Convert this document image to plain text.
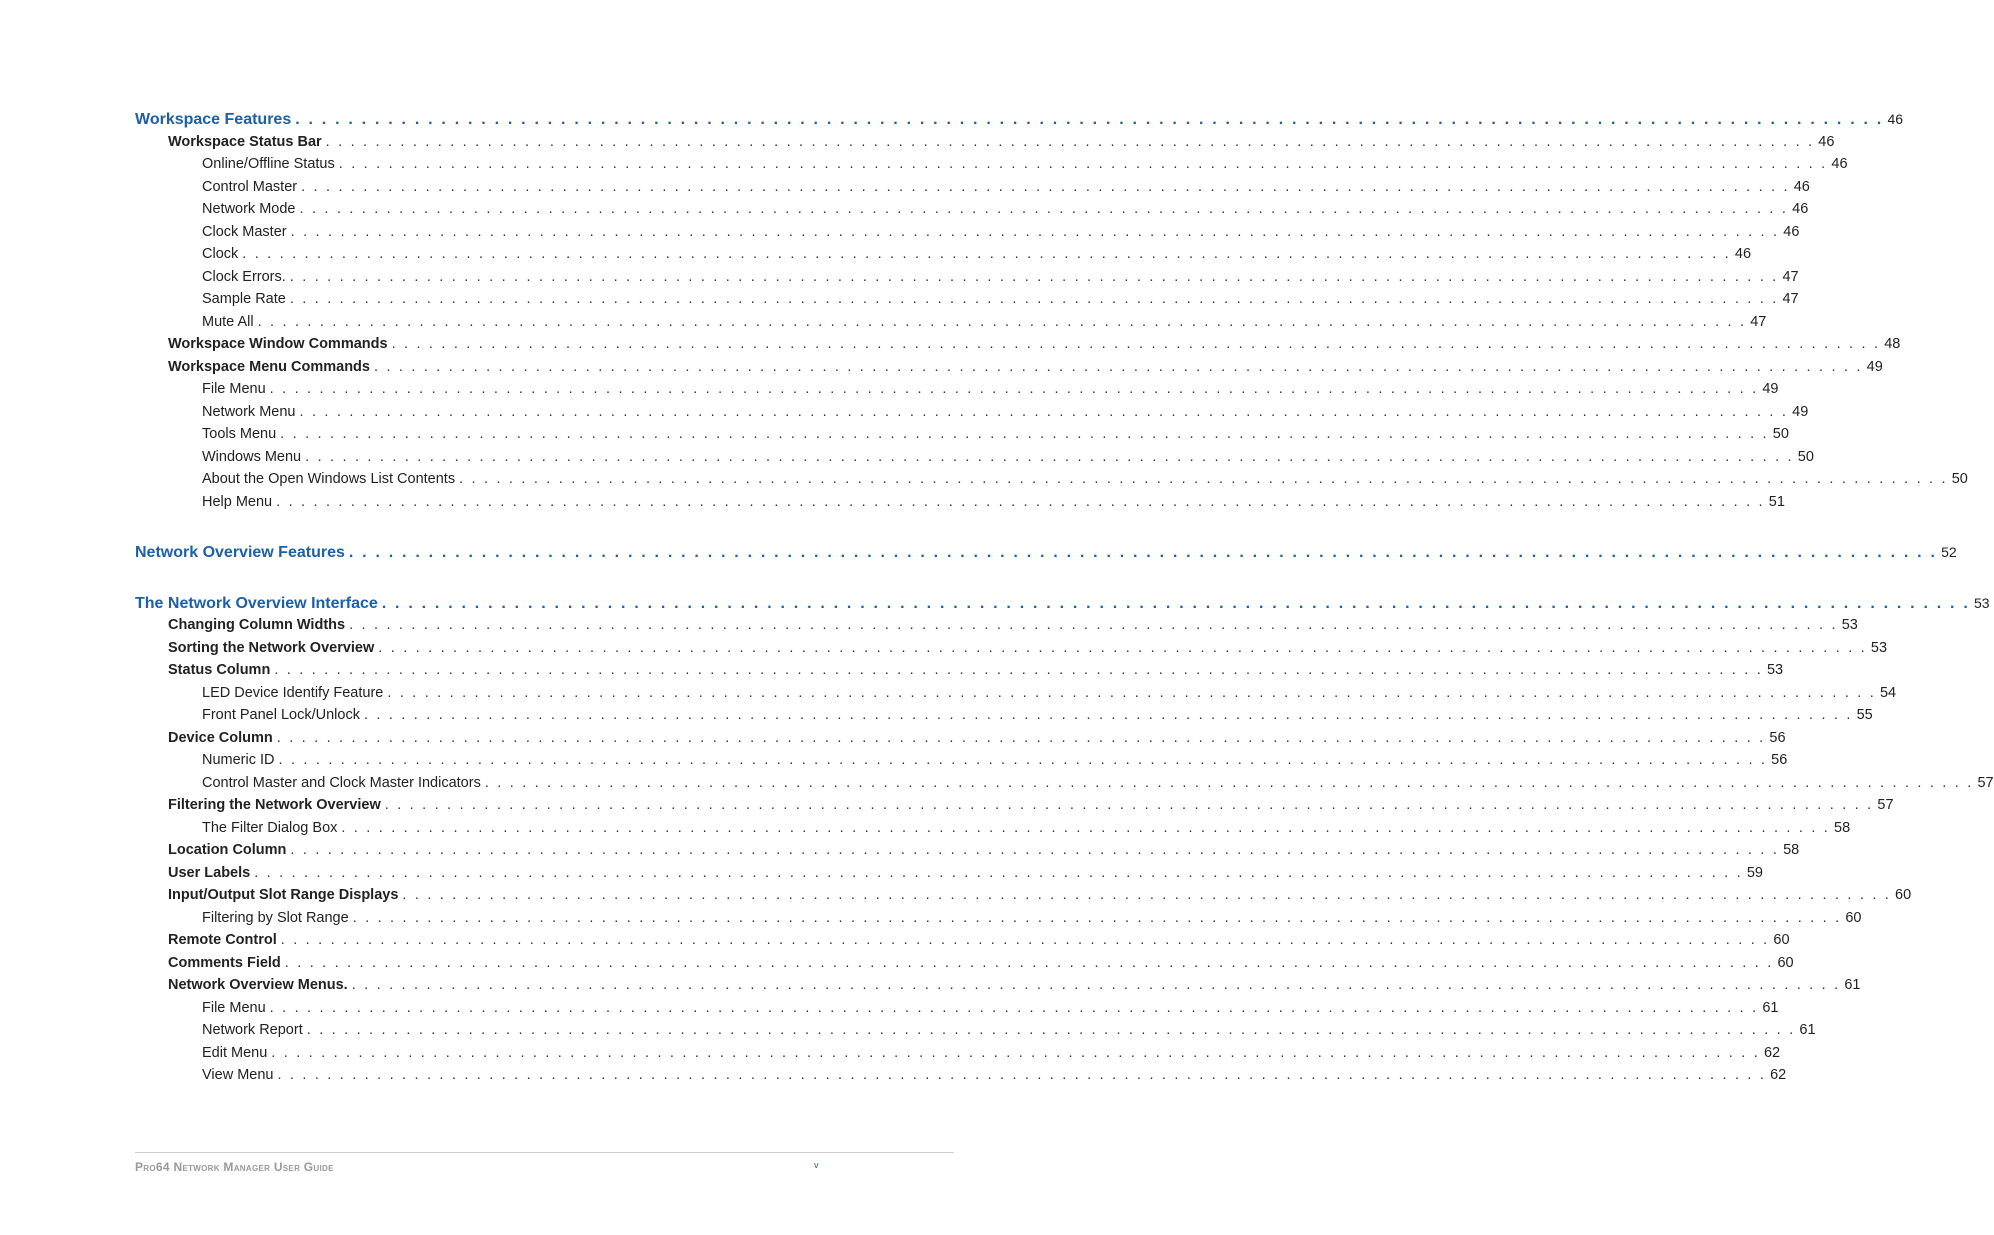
Workspace Features . . . . . . . . . . . . . . . . . . . . . . . . . . . . . . . . . . . . . . . . . . . . . . . . . . . . . . . . . . . . . . . . . . . . . . . . . . . . . . . . . . . . . . . . . . . . . . . . . . . . . . . . . . . . . . . . . . . . . . . . 46
Workspace Status Bar . . . . . . . . . . . . . . . . . . . . . . . . . . . . . . . . . . . . . . . . . . . . . . . . . . . . . . . . . . . . . . . . . . . . . . . . . . . . . . . . . . . . . . . . . . . . . . . . . . . . . . . . . . . . . . . . . . . . . . . . 46
Online/Offline Status . . . . . . . . . . . . . . . . . . . . . . . . . . . . . . . . . . . . . . . . . . . . . . . . . . . . . . . . . . . . . . . . . . . . . . . . . . . . . . . . . . . . . . . . . . . . . . . . . . . . . . . . . . . . . . . . . . . . . . . . 46
Control Master . . . . . . . . . . . . . . . . . . . . . . . . . . . . . . . . . . . . . . . . . . . . . . . . . . . . . . . . . . . . . . . . . . . . . . . . . . . . . . . . . . . . . . . . . . . . . . . . . . . . . . . . . . . . . . . . . . . . . . . . 46
Network Mode . . . . . . . . . . . . . . . . . . . . . . . . . . . . . . . . . . . . . . . . . . . . . . . . . . . . . . . . . . . . . . . . . . . . . . . . . . . . . . . . . . . . . . . . . . . . . . . . . . . . . . . . . . . . . . . . . . . . . . . . 46
Clock Master . . . . . . . . . . . . . . . . . . . . . . . . . . . . . . . . . . . . . . . . . . . . . . . . . . . . . . . . . . . . . . . . . . . . . . . . . . . . . . . . . . . . . . . . . . . . . . . . . . . . . . . . . . . . . . . . . . . . . . . . 46
Clock . . . . . . . . . . . . . . . . . . . . . . . . . . . . . . . . . . . . . . . . . . . . . . . . . . . . . . . . . . . . . . . . . . . . . . . . . . . . . . . . . . . . . . . . . . . . . . . . . . . . . . . . . . . . . . . . . . . . . . . . 46
Clock Errors. . . . . . . . . . . . . . . . . . . . . . . . . . . . . . . . . . . . . . . . . . . . . . . . . . . . . . . . . . . . . . . . . . . . . . . . . . . . . . . . . . . . . . . . . . . . . . . . . . . . . . . . . . . . . . . . . . . . . . . . . 47
Sample Rate . . . . . . . . . . . . . . . . . . . . . . . . . . . . . . . . . . . . . . . . . . . . . . . . . . . . . . . . . . . . . . . . . . . . . . . . . . . . . . . . . . . . . . . . . . . . . . . . . . . . . . . . . . . . . . . . . . . . . . . . 47
Mute All . . . . . . . . . . . . . . . . . . . . . . . . . . . . . . . . . . . . . . . . . . . . . . . . . . . . . . . . . . . . . . . . . . . . . . . . . . . . . . . . . . . . . . . . . . . . . . . . . . . . . . . . . . . . . . . . . . . . . . . . 47
Workspace Window Commands . . . . . . . . . . . . . . . . . . . . . . . . . . . . . . . . . . . . . . . . . . . . . . . . . . . . . . . . . . . . . . . . . . . . . . . . . . . . . . . . . . . . . . . . . . . . . . . . . . . . . . . . . . . . . . . . . . . . . . . . 48
Workspace Menu Commands . . . . . . . . . . . . . . . . . . . . . . . . . . . . . . . . . . . . . . . . . . . . . . . . . . . . . . . . . . . . . . . . . . . . . . . . . . . . . . . . . . . . . . . . . . . . . . . . . . . . . . . . . . . . . . . . . . . . . . . . 49
File Menu . . . . . . . . . . . . . . . . . . . . . . . . . . . . . . . . . . . . . . . . . . . . . . . . . . . . . . . . . . . . . . . . . . . . . . . . . . . . . . . . . . . . . . . . . . . . . . . . . . . . . . . . . . . . . . . . . . . . . . . . 49
Network Menu . . . . . . . . . . . . . . . . . . . . . . . . . . . . . . . . . . . . . . . . . . . . . . . . . . . . . . . . . . . . . . . . . . . . . . . . . . . . . . . . . . . . . . . . . . . . . . . . . . . . . . . . . . . . . . . . . . . . . . . . 49
Tools Menu . . . . . . . . . . . . . . . . . . . . . . . . . . . . . . . . . . . . . . . . . . . . . . . . . . . . . . . . . . . . . . . . . . . . . . . . . . . . . . . . . . . . . . . . . . . . . . . . . . . . . . . . . . . . . . . . . . . . . . . . 50
Windows Menu . . . . . . . . . . . . . . . . . . . . . . . . . . . . . . . . . . . . . . . . . . . . . . . . . . . . . . . . . . . . . . . . . . . . . . . . . . . . . . . . . . . . . . . . . . . . . . . . . . . . . . . . . . . . . . . . . . . . . . . . 50
About the Open Windows List Contents . . . . . . . . . . . . . . . . . . . . . . . . . . . . . . . . . . . . . . . . . . . . . . . . . . . . . . . . . . . . . . . . . . . . . . . . . . . . . . . . . . . . . . . . . . . . . . . . . . . . . . . . . . . . . . . . . . . . . . . . 50
Help Menu . . . . . . . . . . . . . . . . . . . . . . . . . . . . . . . . . . . . . . . . . . . . . . . . . . . . . . . . . . . . . . . . . . . . . . . . . . . . . . . . . . . . . . . . . . . . . . . . . . . . . . . . . . . . . . . . . . . . . . . . 51
Network Overview Features . . . . . . . . . . . . . . . . . . . . . . . . . . . . . . . . . . . . . . . . . . . . . . . . . . . . . . . . . . . . . . . . . . . . . . . . . . . . . . . . . . . . . . . . . . . . . . . . . . . . . . . . . . . . . . . . . . . . . . . . 52
The Network Overview Interface . . . . . . . . . . . . . . . . . . . . . . . . . . . . . . . . . . . . . . . . . . . . . . . . . . . . . . . . . . . . . . . . . . . . . . . . . . . . . . . . . . . . . . . . . . . . . . . . . . . . . . . . . . . . . . . . . . . . . . . . 53
Changing Column Widths . . . . . . . . . . . . . . . . . . . . . . . . . . . . . . . . . . . . . . . . . . . . . . . . . . . . . . . . . . . . . . . . . . . . . . . . . . . . . . . . . . . . . . . . . . . . . . . . . . . . . . . . . . . . . . . . . . . . . . . . 53
Sorting the Network Overview . . . . . . . . . . . . . . . . . . . . . . . . . . . . . . . . . . . . . . . . . . . . . . . . . . . . . . . . . . . . . . . . . . . . . . . . . . . . . . . . . . . . . . . . . . . . . . . . . . . . . . . . . . . . . . . . . . . . . . . . 53
Status Column . . . . . . . . . . . . . . . . . . . . . . . . . . . . . . . . . . . . . . . . . . . . . . . . . . . . . . . . . . . . . . . . . . . . . . . . . . . . . . . . . . . . . . . . . . . . . . . . . . . . . . . . . . . . . . . . . . . . . . . . 53
LED Device Identify Feature . . . . . . . . . . . . . . . . . . . . . . . . . . . . . . . . . . . . . . . . . . . . . . . . . . . . . . . . . . . . . . . . . . . . . . . . . . . . . . . . . . . . . . . . . . . . . . . . . . . . . . . . . . . . . . . . . . . . . . . . 54
Front Panel Lock/Unlock . . . . . . . . . . . . . . . . . . . . . . . . . . . . . . . . . . . . . . . . . . . . . . . . . . . . . . . . . . . . . . . . . . . . . . . . . . . . . . . . . . . . . . . . . . . . . . . . . . . . . . . . . . . . . . . . . . . . . . . . 55
Device Column . . . . . . . . . . . . . . . . . . . . . . . . . . . . . . . . . . . . . . . . . . . . . . . . . . . . . . . . . . . . . . . . . . . . . . . . . . . . . . . . . . . . . . . . . . . . . . . . . . . . . . . . . . . . . . . . . . . . . . . . 56
Numeric ID . . . . . . . . . . . . . . . . . . . . . . . . . . . . . . . . . . . . . . . . . . . . . . . . . . . . . . . . . . . . . . . . . . . . . . . . . . . . . . . . . . . . . . . . . . . . . . . . . . . . . . . . . . . . . . . . . . . . . . . . 56
Control Master and Clock Master Indicators . . . . . . . . . . . . . . . . . . . . . . . . . . . . . . . . . . . . . . . . . . . . . . . . . . . . . . . . . . . . . . . . . . . . . . . . . . . . . . . . . . . . . . . . . . . . . . . . . . . . . . . . . . . . . . . . . . . . . . . . 57
Filtering the Network Overview . . . . . . . . . . . . . . . . . . . . . . . . . . . . . . . . . . . . . . . . . . . . . . . . . . . . . . . . . . . . . . . . . . . . . . . . . . . . . . . . . . . . . . . . . . . . . . . . . . . . . . . . . . . . . . . . . . . . . . . . 57
The Filter Dialog Box . . . . . . . . . . . . . . . . . . . . . . . . . . . . . . . . . . . . . . . . . . . . . . . . . . . . . . . . . . . . . . . . . . . . . . . . . . . . . . . . . . . . . . . . . . . . . . . . . . . . . . . . . . . . . . . . . . . . . . . . 58
Location Column . . . . . . . . . . . . . . . . . . . . . . . . . . . . . . . . . . . . . . . . . . . . . . . . . . . . . . . . . . . . . . . . . . . . . . . . . . . . . . . . . . . . . . . . . . . . . . . . . . . . . . . . . . . . . . . . . . . . . . . . 58
User Labels . . . . . . . . . . . . . . . . . . . . . . . . . . . . . . . . . . . . . . . . . . . . . . . . . . . . . . . . . . . . . . . . . . . . . . . . . . . . . . . . . . . . . . . . . . . . . . . . . . . . . . . . . . . . . . . . . . . . . . . . 59
Input/Output Slot Range Displays . . . . . . . . . . . . . . . . . . . . . . . . . . . . . . . . . . . . . . . . . . . . . . . . . . . . . . . . . . . . . . . . . . . . . . . . . . . . . . . . . . . . . . . . . . . . . . . . . . . . . . . . . . . . . . . . . . . . . . . . 60
Filtering by Slot Range . . . . . . . . . . . . . . . . . . . . . . . . . . . . . . . . . . . . . . . . . . . . . . . . . . . . . . . . . . . . . . . . . . . . . . . . . . . . . . . . . . . . . . . . . . . . . . . . . . . . . . . . . . . . . . . . . . . . . . . . 60
Remote Control . . . . . . . . . . . . . . . . . . . . . . . . . . . . . . . . . . . . . . . . . . . . . . . . . . . . . . . . . . . . . . . . . . . . . . . . . . . . . . . . . . . . . . . . . . . . . . . . . . . . . . . . . . . . . . . . . . . . . . . . 60
Comments Field . . . . . . . . . . . . . . . . . . . . . . . . . . . . . . . . . . . . . . . . . . . . . . . . . . . . . . . . . . . . . . . . . . . . . . . . . . . . . . . . . . . . . . . . . . . . . . . . . . . . . . . . . . . . . . . . . . . . . . . . 60
Network Overview Menus. . . . . . . . . . . . . . . . . . . . . . . . . . . . . . . . . . . . . . . . . . . . . . . . . . . . . . . . . . . . . . . . . . . . . . . . . . . . . . . . . . . . . . . . . . . . . . . . . . . . . . . . . . . . . . . . . . . . . . . . . 61
File Menu . . . . . . . . . . . . . . . . . . . . . . . . . . . . . . . . . . . . . . . . . . . . . . . . . . . . . . . . . . . . . . . . . . . . . . . . . . . . . . . . . . . . . . . . . . . . . . . . . . . . . . . . . . . . . . . . . . . . . . . . 61
Network Report . . . . . . . . . . . . . . . . . . . . . . . . . . . . . . . . . . . . . . . . . . . . . . . . . . . . . . . . . . . . . . . . . . . . . . . . . . . . . . . . . . . . . . . . . . . . . . . . . . . . . . . . . . . . . . . . . . . . . . . . 61
Edit Menu . . . . . . . . . . . . . . . . . . . . . . . . . . . . . . . . . . . . . . . . . . . . . . . . . . . . . . . . . . . . . . . . . . . . . . . . . . . . . . . . . . . . . . . . . . . . . . . . . . . . . . . . . . . . . . . . . . . . . . . . 62
View Menu . . . . . . . . . . . . . . . . . . . . . . . . . . . . . . . . . . . . . . . . . . . . . . . . . . . . . . . . . . . . . . . . . . . . . . . . . . . . . . . . . . . . . . . . . . . . . . . . . . . . . . . . . . . . . . . . . . . . . . . . 62
Pro64 Network Manager User Guide	v
